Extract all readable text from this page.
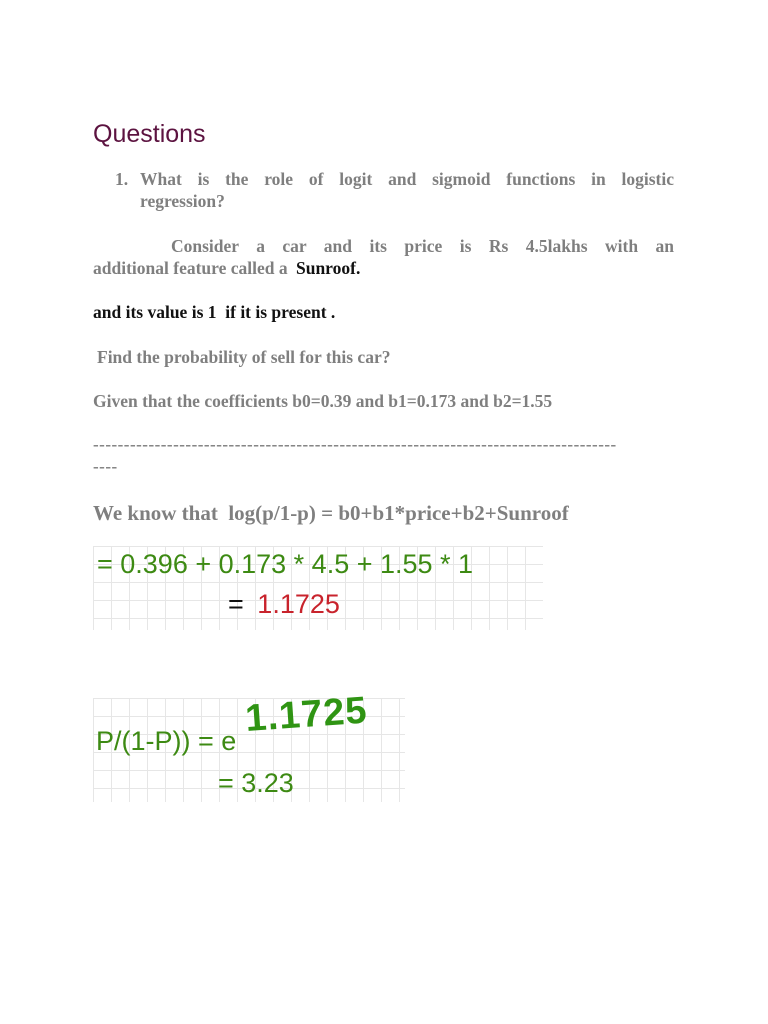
Questions
1. What is the role of logit and sigmoid functions in logistic
regression?
Consider a car and its price is Rs 4.5lakhs with an
additional feature called a Sunroof.
and its value is 1  if it is present .
Find the probability of sell for this car?
Given that the coefficients b0=0.39 and b1=0.173 and b2=1.55
-------------------------------------------------------------------------------------
----
We know that  log(p/1-p) = b0+b1*price+b2+Sunroof
= 0.396 + 0.173 * 4.5 + 1.55 * 1
= 1.1725
P/(1-P)) = e
1.1725
= 3.23
